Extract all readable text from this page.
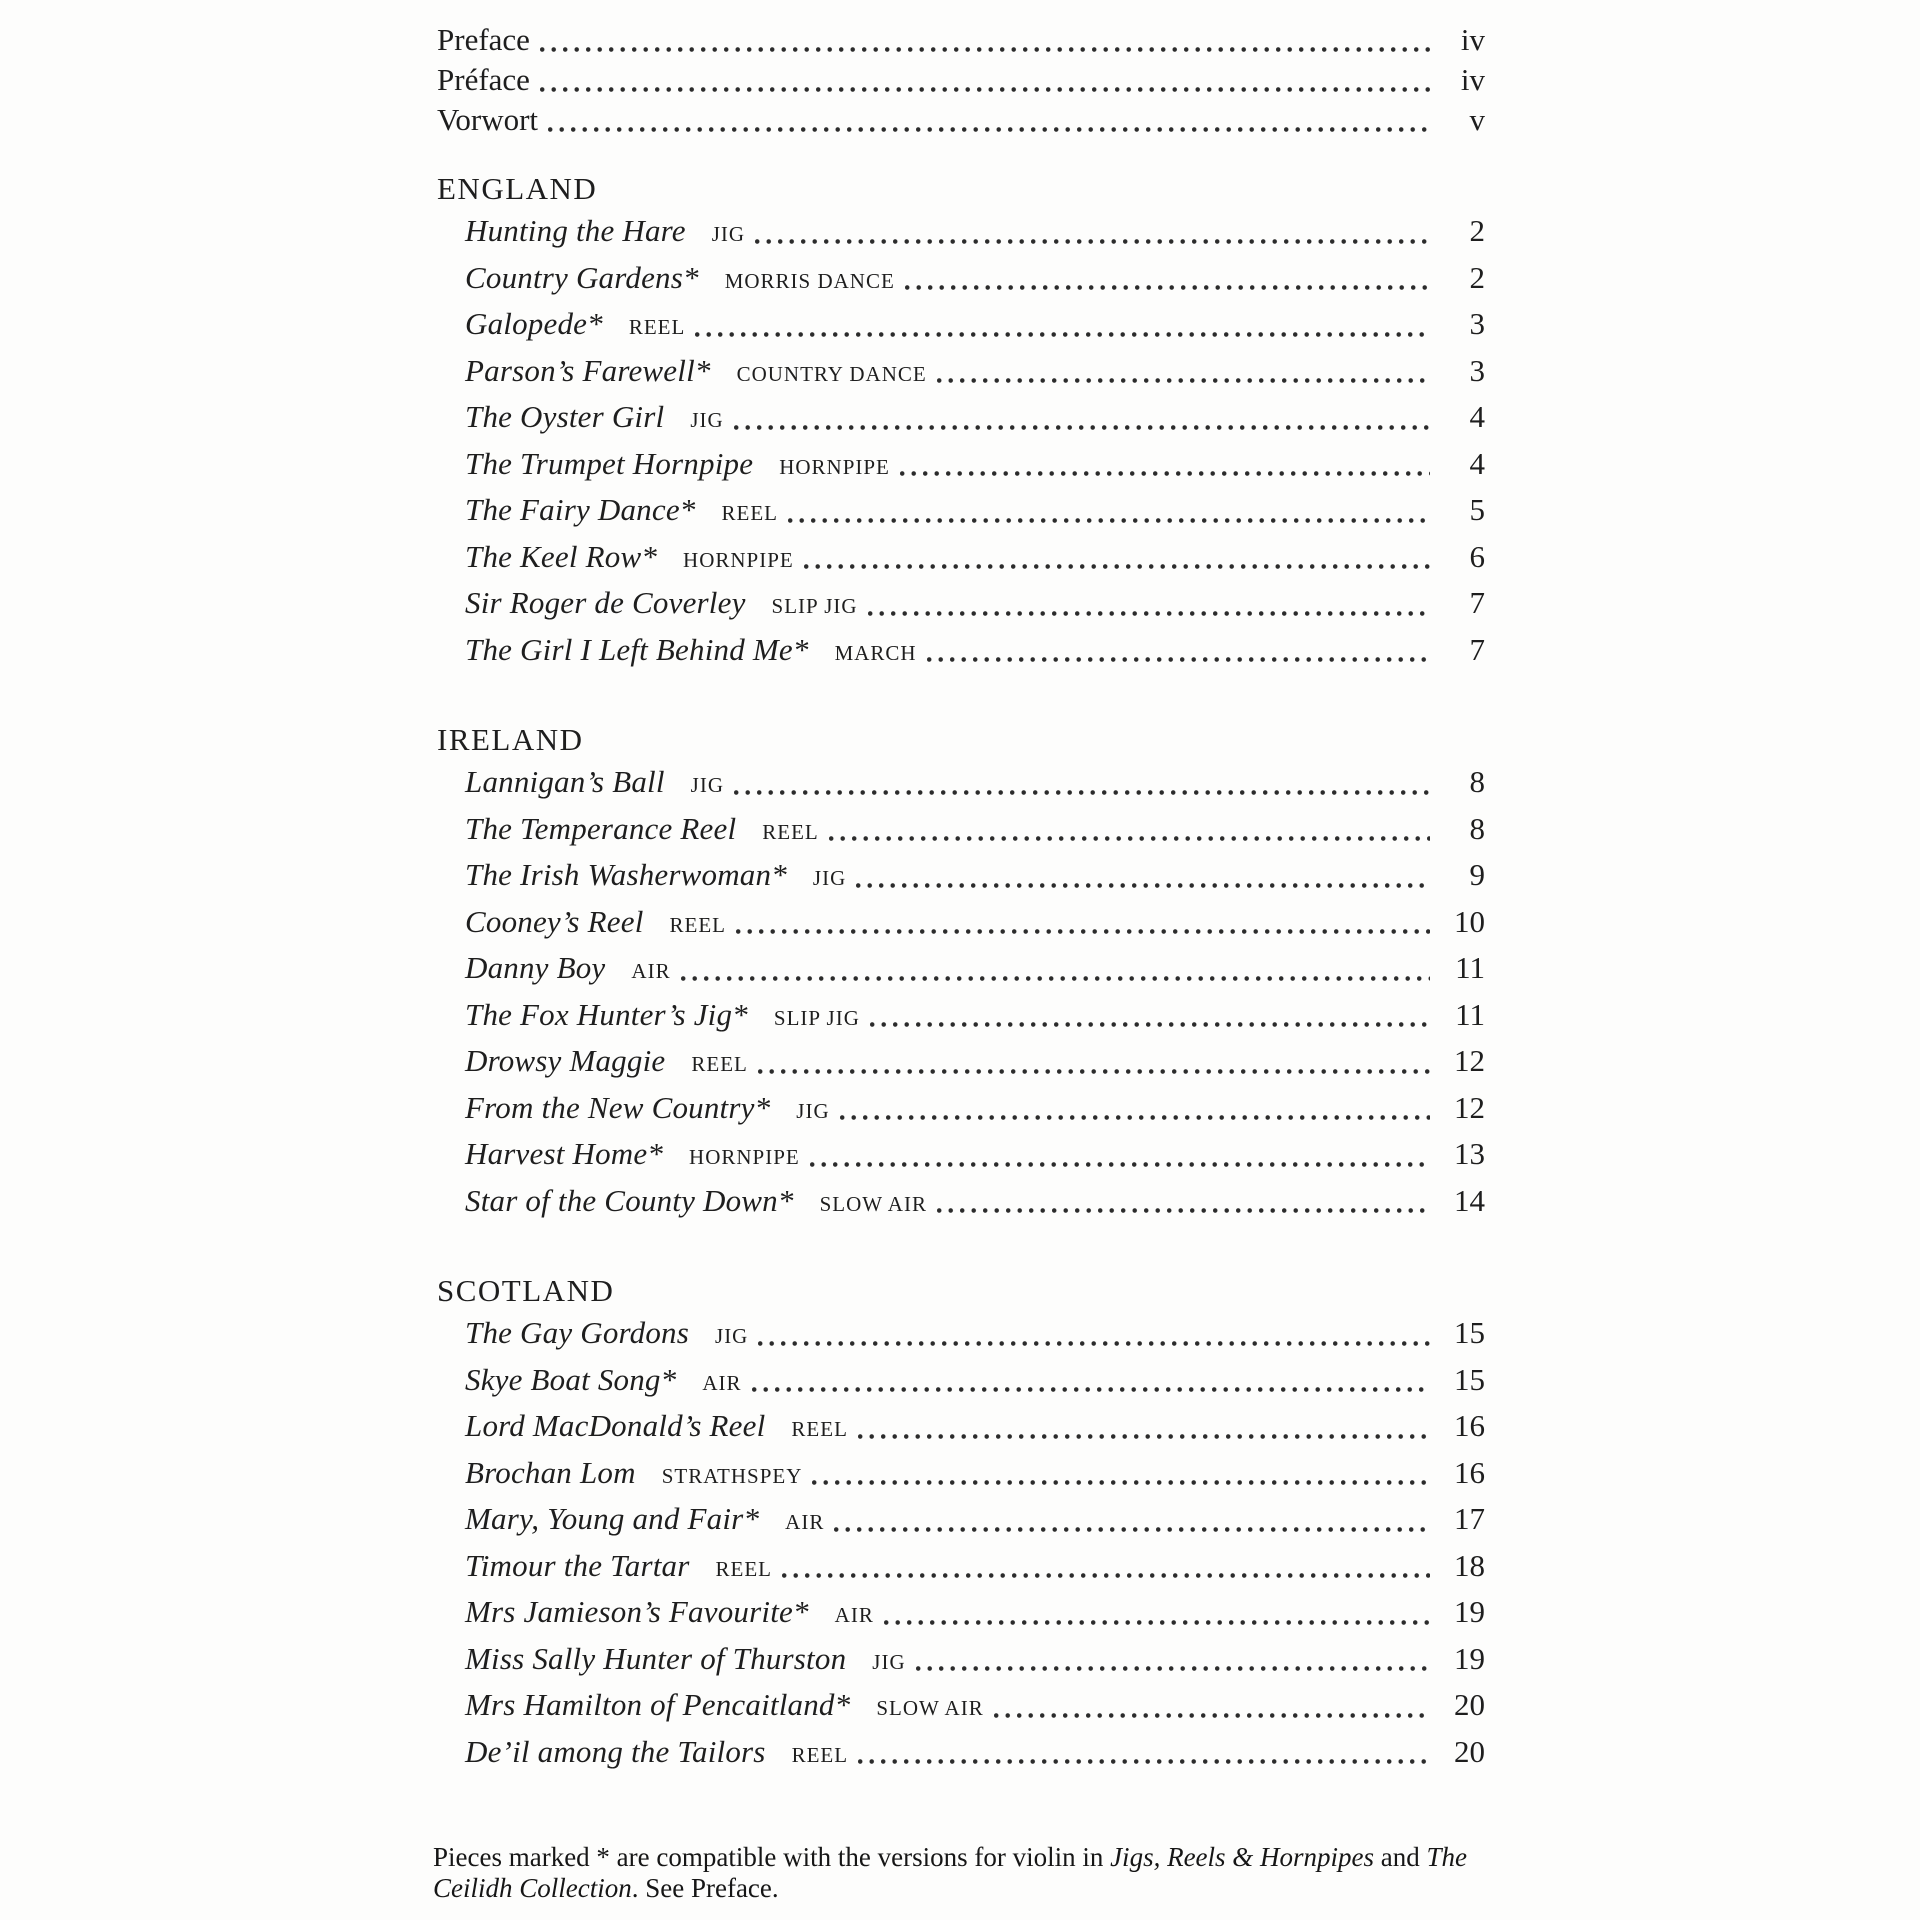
Preface	iv
Préface	iv
Vorwort	v
ENGLAND
Hunting the Hare JIG	2
Country Gardens* MORRIS DANCE	2
Galopede* REEL	3
Parson’s Farewell* COUNTRY DANCE	3
The Oyster Girl JIG	4
The Trumpet Hornpipe HORNPIPE	4
The Fairy Dance* REEL	5
The Keel Row* HORNPIPE	6
Sir Roger de Coverley SLIP JIG	7
The Girl I Left Behind Me* MARCH	7
IRELAND
Lannigan’s Ball JIG	8
The Temperance Reel REEL	8
The Irish Washerwoman* JIG	9
Cooney’s Reel REEL	10
Danny Boy AIR	11
The Fox Hunter’s Jig* SLIP JIG	11
Drowsy Maggie REEL	12
From the New Country* JIG	12
Harvest Home* HORNPIPE	13
Star of the County Down* SLOW AIR	14
SCOTLAND
The Gay Gordons JIG	15
Skye Boat Song* AIR	15
Lord MacDonald’s Reel REEL	16
Brochan Lom STRATHSPEY	16
Mary, Young and Fair* AIR	17
Timour the Tartar REEL	18
Mrs Jamieson’s Favourite* AIR	19
Miss Sally Hunter of Thurston JIG	19
Mrs Hamilton of Pencaitland* SLOW AIR	20
De’il among the Tailors REEL	20
Pieces marked * are compatible with the versions for violin in Jigs, Reels & Hornpipes and The
Ceilidh Collection. See Preface.
